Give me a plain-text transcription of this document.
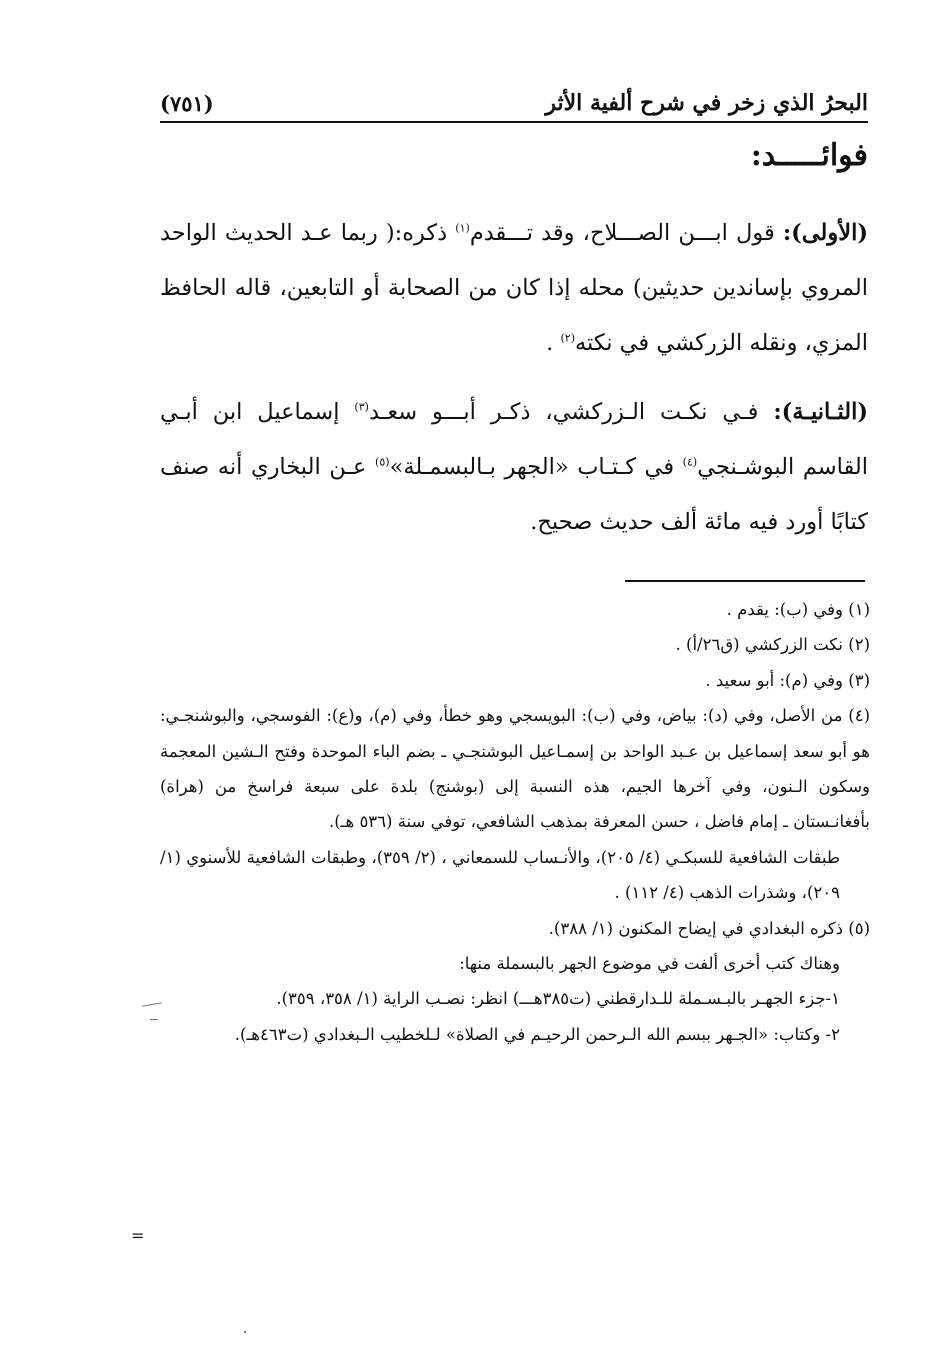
البحرُ الذي زخر في شرح ألفية الأثر
(٧٥١)
فوائـــــد:

(الأولى): قول ابـــن الصـــلاح، وقد تـــقدم$^{(١)}$ ذكره:( ربما عـد الحديث الواحد المروي بإساندين حديثين) محله إذا كان من الصحابة أو التابعين، قاله الحافظ المزي، ونقله الزركشي في نكته$^{(٢)}$ .

(الثـانيـة): فـي نكـت الـزركشي، ذكـر أبـــو سعـد$^{(٣)}$ إسماعيل ابن أبـي القاسم البوشـنجي$^{(٤)}$ في كـتـاب «الجهر بـالبسمـلة»$^{(٥)}$ عـن البخاري أنه صنف كتابًا أورد فيه مائة ألف حديث صحيح.

(١) وفي (ب): يقدم .

(٢) نكت الزركشي (ق٢٦/أ) .

(٣) وفي (م): أبو سعيد .

(٤) من الأصل، وفي (د): بياض، وفي (ب): البويسجي وهو خطأ، وفي (م)، و(ع): الفوسجي، والبوشنجـي: هو أبو سعد إسماعيل بن عـبد الواحد بن إسمـاعيل البوشنجـي ـ بضم الباء الموحدة وفتح الـشين المعجمة وسكون الـنون، وفي آخرها الجيم، هذه النسبة إلى (بوشنج) بلدة على سبعة فراسخ من (هراة) بأفغانـستان ـ إمام فاضل ، حسن المعرفة بمذهب الشافعي، توفي سنة (٥٣٦ هـ).

طبقات الشافعية للسبكـي (٤/ ٢٠٥)، والأنـساب للسمعاني ، (٢/ ٣٥٩)، وطبقات الشافعية للأسنوي (١/ ٢٠٩)، وشذرات الذهب (٤/ ١١٢) .

(٥) ذكره البغدادي في إيضاح المكنون (١/ ٣٨٨).

وهناك كتب أخرى ألفت في موضوع الجهر بالبسملة منها:

١-جزء الجهـر بالبـسـملة للـدارقطني (ت٣٨٥هـــ) انظر: نصـب الراية (١/ ٣٥٨، ٣٥٩).

٢- وكتاب: «الجـهر ببسم الله الـرحمن الرحيـم في الصلاة» لـلخطيب الـبغدادي (ت٤٦٣هـ).

=
